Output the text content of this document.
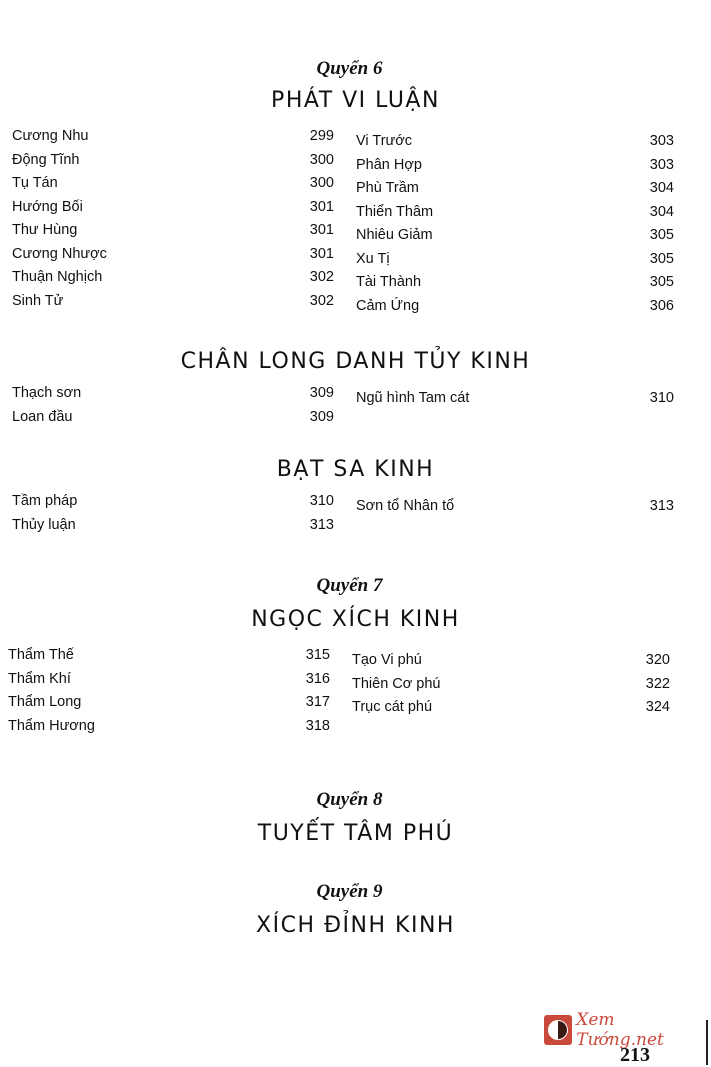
Quyển 6
PHÁT VI LUẬN
Cương Nhu	299
Động Tĩnh	300
Tụ Tán	300
Hướng Bối	301
Thư Hùng	301
Cương Nhược	301
Thuận Nghịch	302
Sinh Tử	302
Vi Trước	303
Phân Hợp	303
Phù Trầm	304
Thiển Thâm	304
Nhiêu Giảm	305
Xu Tị	305
Tài Thành	305
Cảm Ứng	306
CHÂN LONG DANH TỦY KINH
Thạch sơn	309
Loan đầu	309
Ngũ hình Tam cát	310
BẠT SA KINH
Tầm pháp	310
Thủy luận	313
Sơn tổ Nhân tổ	313
Quyển 7
NGỌC XÍCH KINH
Thẩm Thế	315
Thẩm Khí	316
Thẩm Long	317
Thẩm Hương	318
Tạo Vi phú	320
Thiên Cơ phú	322
Trục cát phú	324
Quyển 8
TUYẾT TÂM PHÚ
Quyển 9
XÍCH ĐỈNH KINH
Xem Tướng.net
213
